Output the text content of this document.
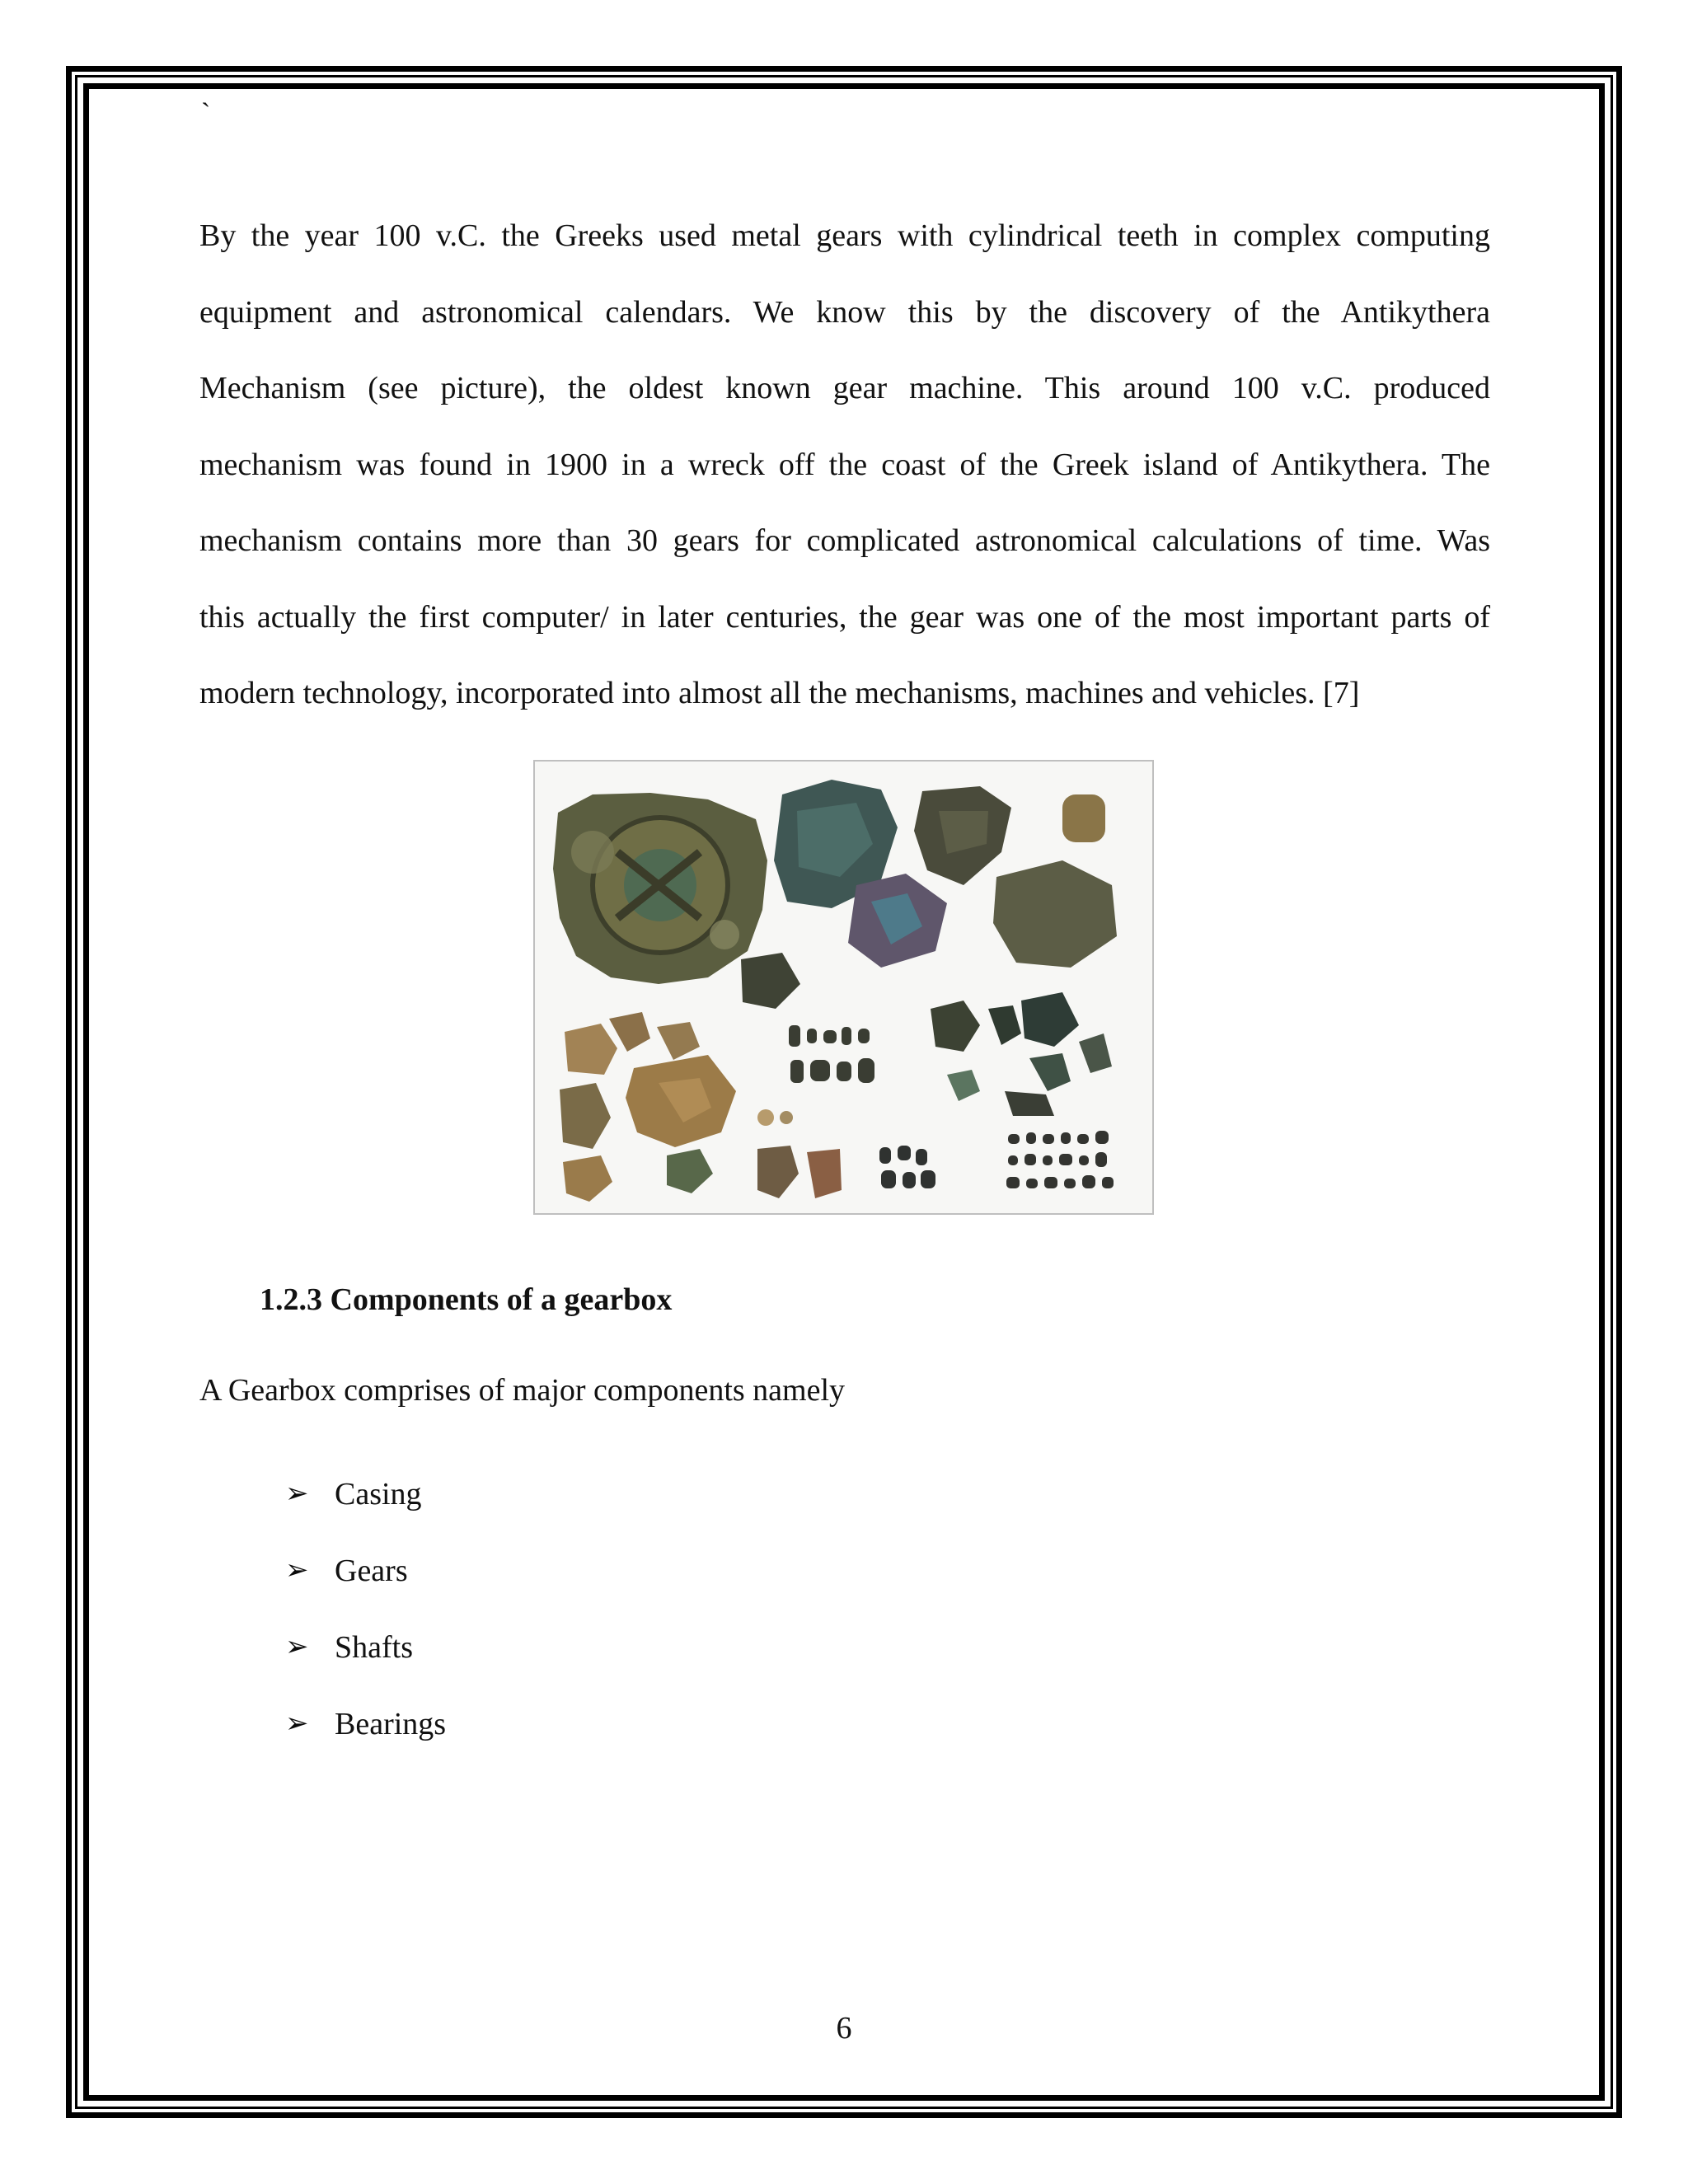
`
By the year 100 v.C. the Greeks used metal gears with cylindrical teeth in complex computing
equipment and astronomical calendars. We know this by the discovery of the Antikythera
Mechanism (see picture), the oldest known gear machine. This around 100 v.C. produced
mechanism was found in 1900 in a wreck off the coast of the Greek island of Antikythera. The
mechanism contains more than 30 gears for complicated astronomical calculations of time. Was
this actually the first computer/ in later centuries, the gear was one of the most important parts of
modern technology, incorporated into almost all the mechanisms, machines and vehicles. [7]
1.2.3 Components of a gearbox
A Gearbox comprises of major components namely
➢ Casing
➢ Gears
➢ Shafts
➢ Bearings
6
